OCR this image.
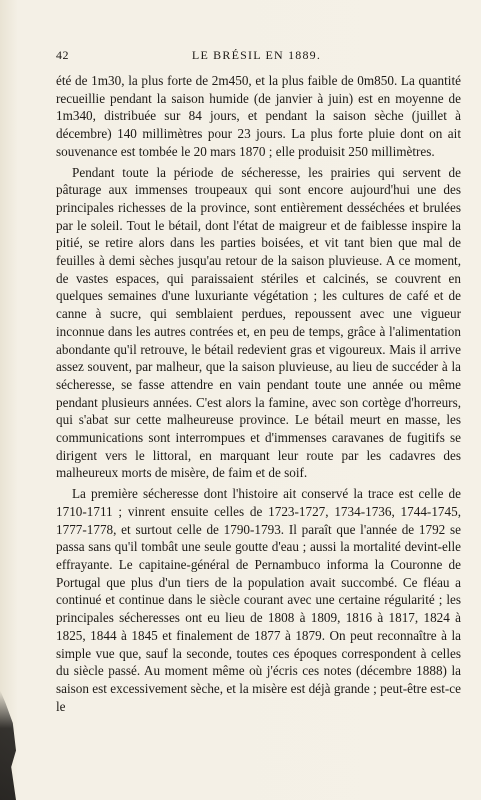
42	LE BRÉSIL EN 1889.

été de 1m30, la plus forte de 2m450, et la plus faible de 0m850. La quantité recueillie pendant la saison humide (de janvier à juin) est en moyenne de 1m340, distribuée sur 84 jours, et pendant la saison sèche (juillet à décembre) 140 millimètres pour 23 jours. La plus forte pluie dont on ait souvenance est tombée le 20 mars 1870 ; elle produisit 250 millimètres.

Pendant toute la période de sécheresse, les prairies qui servent de pâturage aux immenses troupeaux qui sont encore aujourd'hui une des principales richesses de la province, sont entièrement desséchées et brulées par le soleil. Tout le bétail, dont l'état de maigreur et de faiblesse inspire la pitié, se retire alors dans les parties boisées, et vit tant bien que mal de feuilles à demi sèches jusqu'au retour de la saison pluvieuse. A ce moment, de vastes espaces, qui paraissaient stériles et calcinés, se couvrent en quelques semaines d'une luxuriante végétation ; les cultures de café et de canne à sucre, qui semblaient perdues, repoussent avec une vigueur inconnue dans les autres contrées et, en peu de temps, grâce à l'alimentation abondante qu'il retrouve, le bétail redevient gras et vigoureux. Mais il arrive assez souvent, par malheur, que la saison pluvieuse, au lieu de succéder à la sécheresse, se fasse attendre en vain pendant toute une année ou même pendant plusieurs années. C'est alors la famine, avec son cortège d'horreurs, qui s'abat sur cette malheureuse province. Le bétail meurt en masse, les communications sont interrompues et d'immenses caravanes de fugitifs se dirigent vers le littoral, en marquant leur route par les cadavres des malheureux morts de misère, de faim et de soif.

La première sécheresse dont l'histoire ait conservé la trace est celle de 1710-1711 ; vinrent ensuite celles de 1723-1727, 1734-1736, 1744-1745, 1777-1778, et surtout celle de 1790-1793. Il paraît que l'année de 1792 se passa sans qu'il tombât une seule goutte d'eau ; aussi la mortalité devint-elle effrayante. Le capitaine-général de Pernambuco informa la Couronne de Portugal que plus d'un tiers de la population avait succombé. Ce fléau a continué et continue dans le siècle courant avec une certaine régularité ; les principales sécheresses ont eu lieu de 1808 à 1809, 1816 à 1817, 1824 à 1825, 1844 à 1845 et finalement de 1877 à 1879. On peut reconnaître à la simple vue que, sauf la seconde, toutes ces époques correspondent à celles du siècle passé. Au moment même où j'écris ces notes (décembre 1888) la saison est excessivement sèche, et la misère est déjà grande ; peut-être est-ce le
